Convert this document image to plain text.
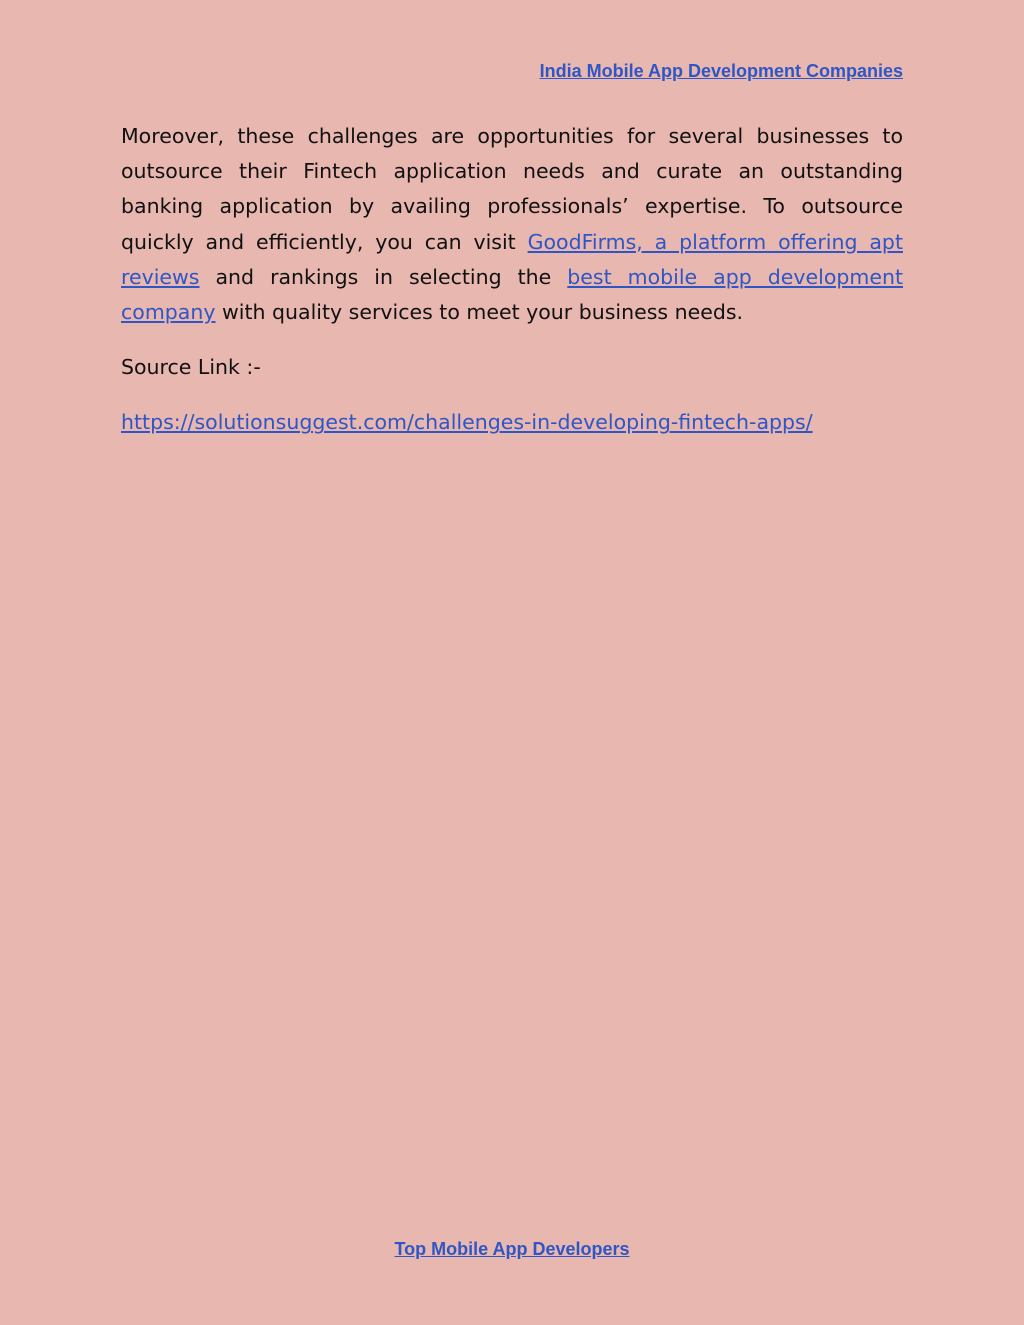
India Mobile App Development Companies

Moreover, these challenges are opportunities for several businesses to outsource their Fintech application needs and curate an outstanding banking application by availing professionals’ expertise. To outsource quickly and efficiently, you can visit GoodFirms, a platform offering apt reviews and rankings in selecting the best mobile app development company with quality services to meet your business needs.

Source Link :-

https://solutionsuggest.com/challenges-in-developing-fintech-apps/

Top Mobile App Developers
